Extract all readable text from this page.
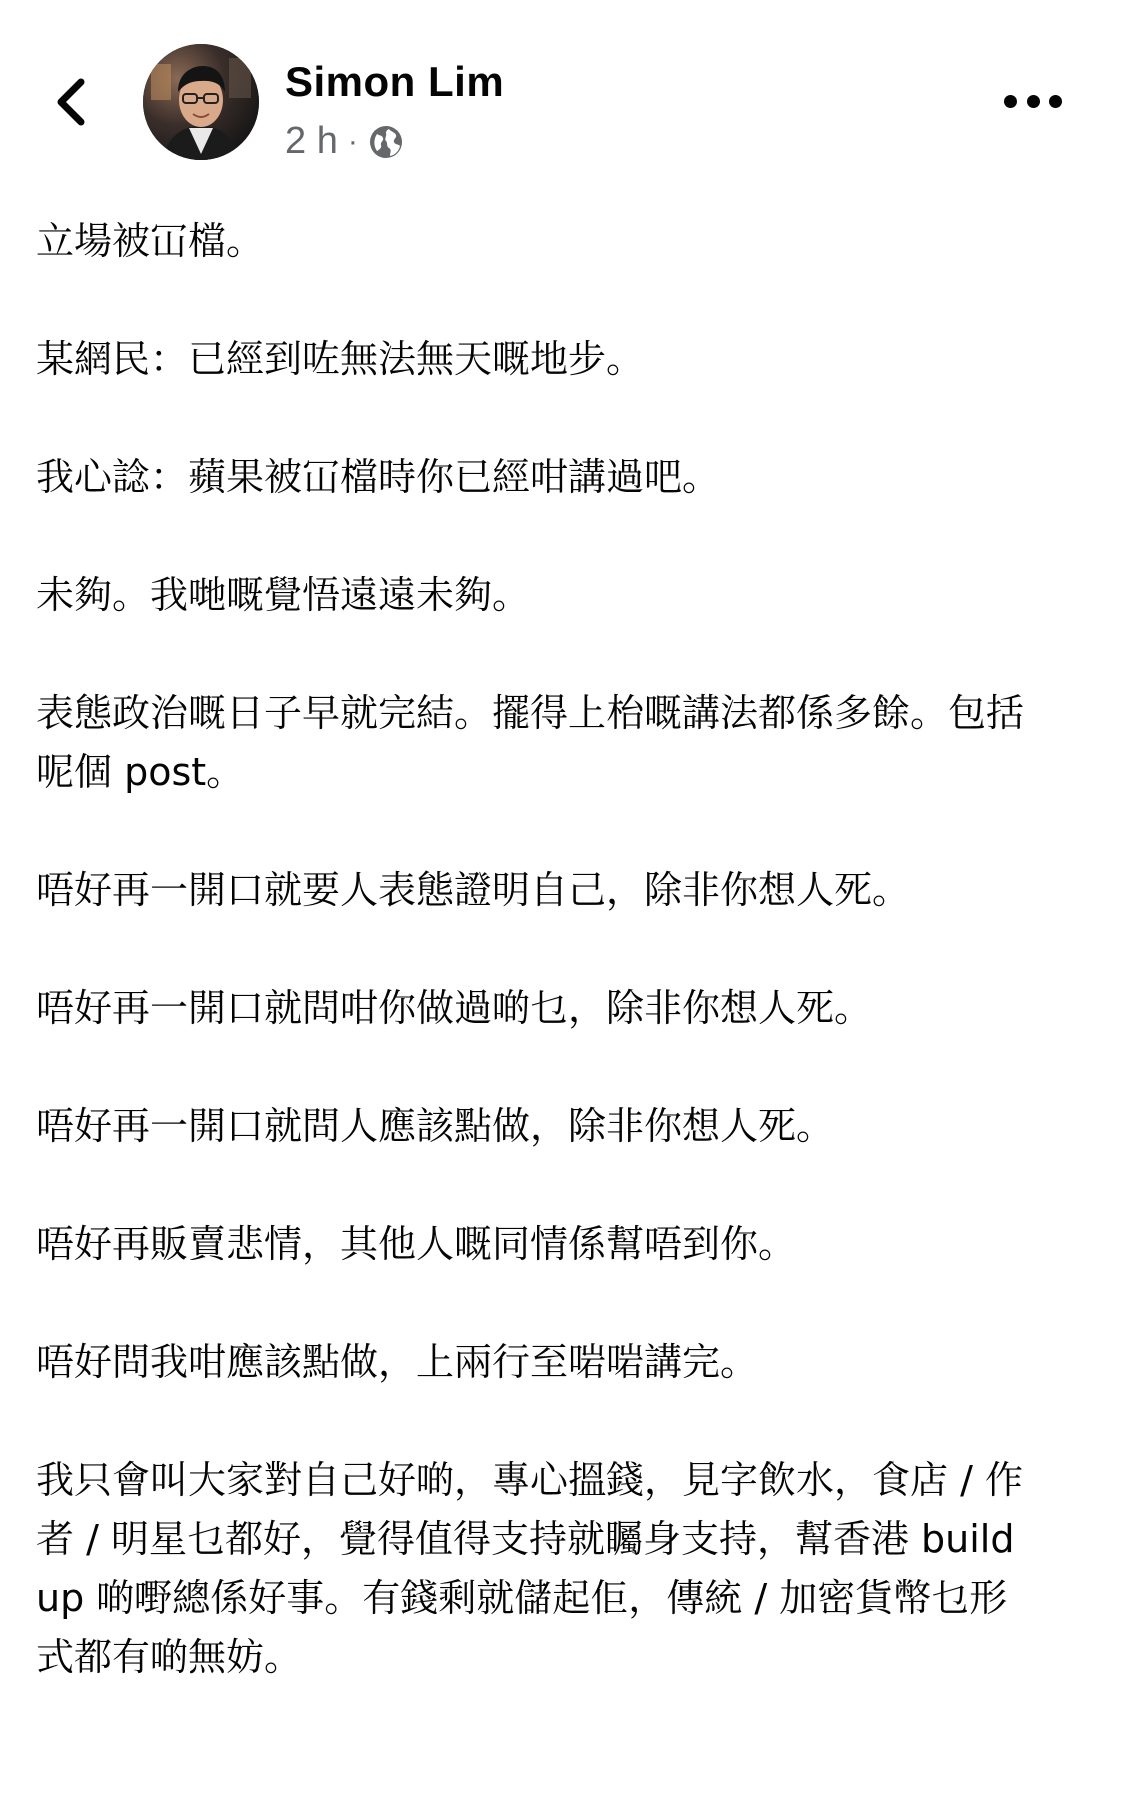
Simon Lim
2 h ·

立場被冚檔。

某網民：已經到咗無法無天嘅地步。

我心諗：蘋果被冚檔時你已經咁講過吧。

未夠。我哋嘅覺悟遠遠未夠。

表態政治嘅日子早就完結。擺得上枱嘅講法都係多餘。包括呢個 post。

唔好再一開口就要人表態證明自己，除非你想人死。

唔好再一開口就問咁你做過啲乜，除非你想人死。

唔好再一開口就問人應該點做，除非你想人死。

唔好再販賣悲情，其他人嘅同情係幫唔到你。

唔好問我咁應該點做，上兩行至啱啱講完。

我只會叫大家對自己好啲，專心搵錢，見字飲水，食店 / 作者 / 明星乜都好，覺得值得支持就矚身支持，幫香港 build up 啲嘢總係好事。有錢剩就儲起佢，傳統 / 加密貨幣乜形式都有啲無妨。
